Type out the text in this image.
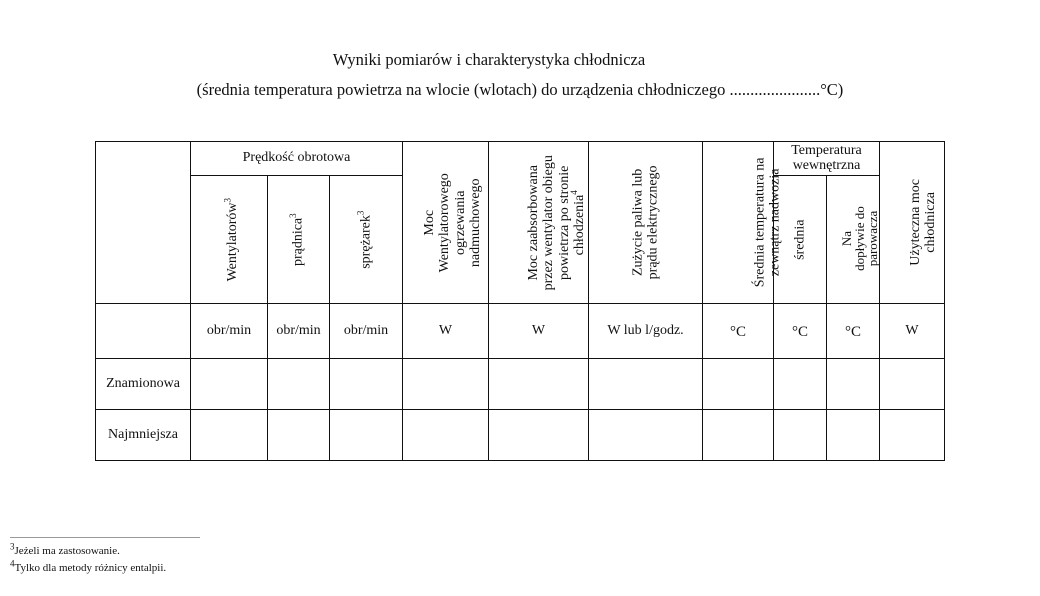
Wyniki pomiarów i charakterystyka chłodnicza
(średnia temperatura powietrza na wlocie (wlotach) do urządzenia chłodniczego ......................°C)
	Prędkość obrotowa			Moc
Wentylatorowego
ogrzewania
nadmuchowego	Moc zaabsorbowana
przez wentylator obiegu
powietrza po stronie
chłodzenia$^4$	Zużycie paliwa lub
prądu elektrycznego	Średnia temperatura na
zewnątrz nadwozia	Temperatura wewnętrzna		Użyteczna moc
chłodnicza
	Wentylatorów$^3$	prądnica$^3$	sprężarek$^3$					średnia	Na
dopływie do
parowacza	
	obr/min	obr/min	obr/min	W	W	W lub l/godz.	°C	°C	°C	W
Znamionowa										
Najmniejsza										
$^3$Jeżeli ma zastosowanie.
$^4$Tylko dla metody różnicy entalpii.
